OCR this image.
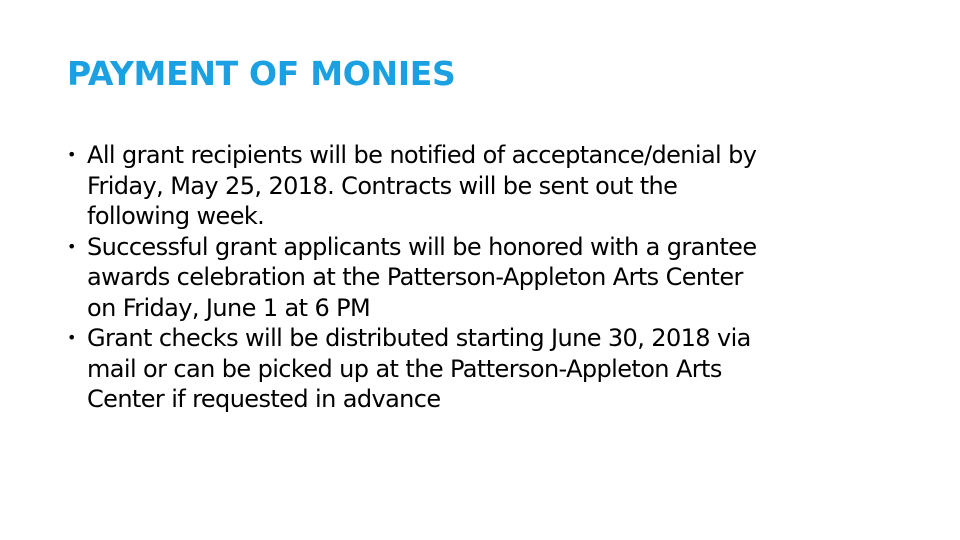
PAYMENT OF MONIES
• All grant recipients will be notified of acceptance/denial by
Friday, May 25, 2018. Contracts will be sent out the
following week.
• Successful grant applicants will be honored with a grantee
awards celebration at the Patterson-Appleton Arts Center
on Friday, June 1 at 6 PM
• Grant checks will be distributed starting June 30, 2018 via
mail or can be picked up at the Patterson-Appleton Arts
Center if requested in advance
